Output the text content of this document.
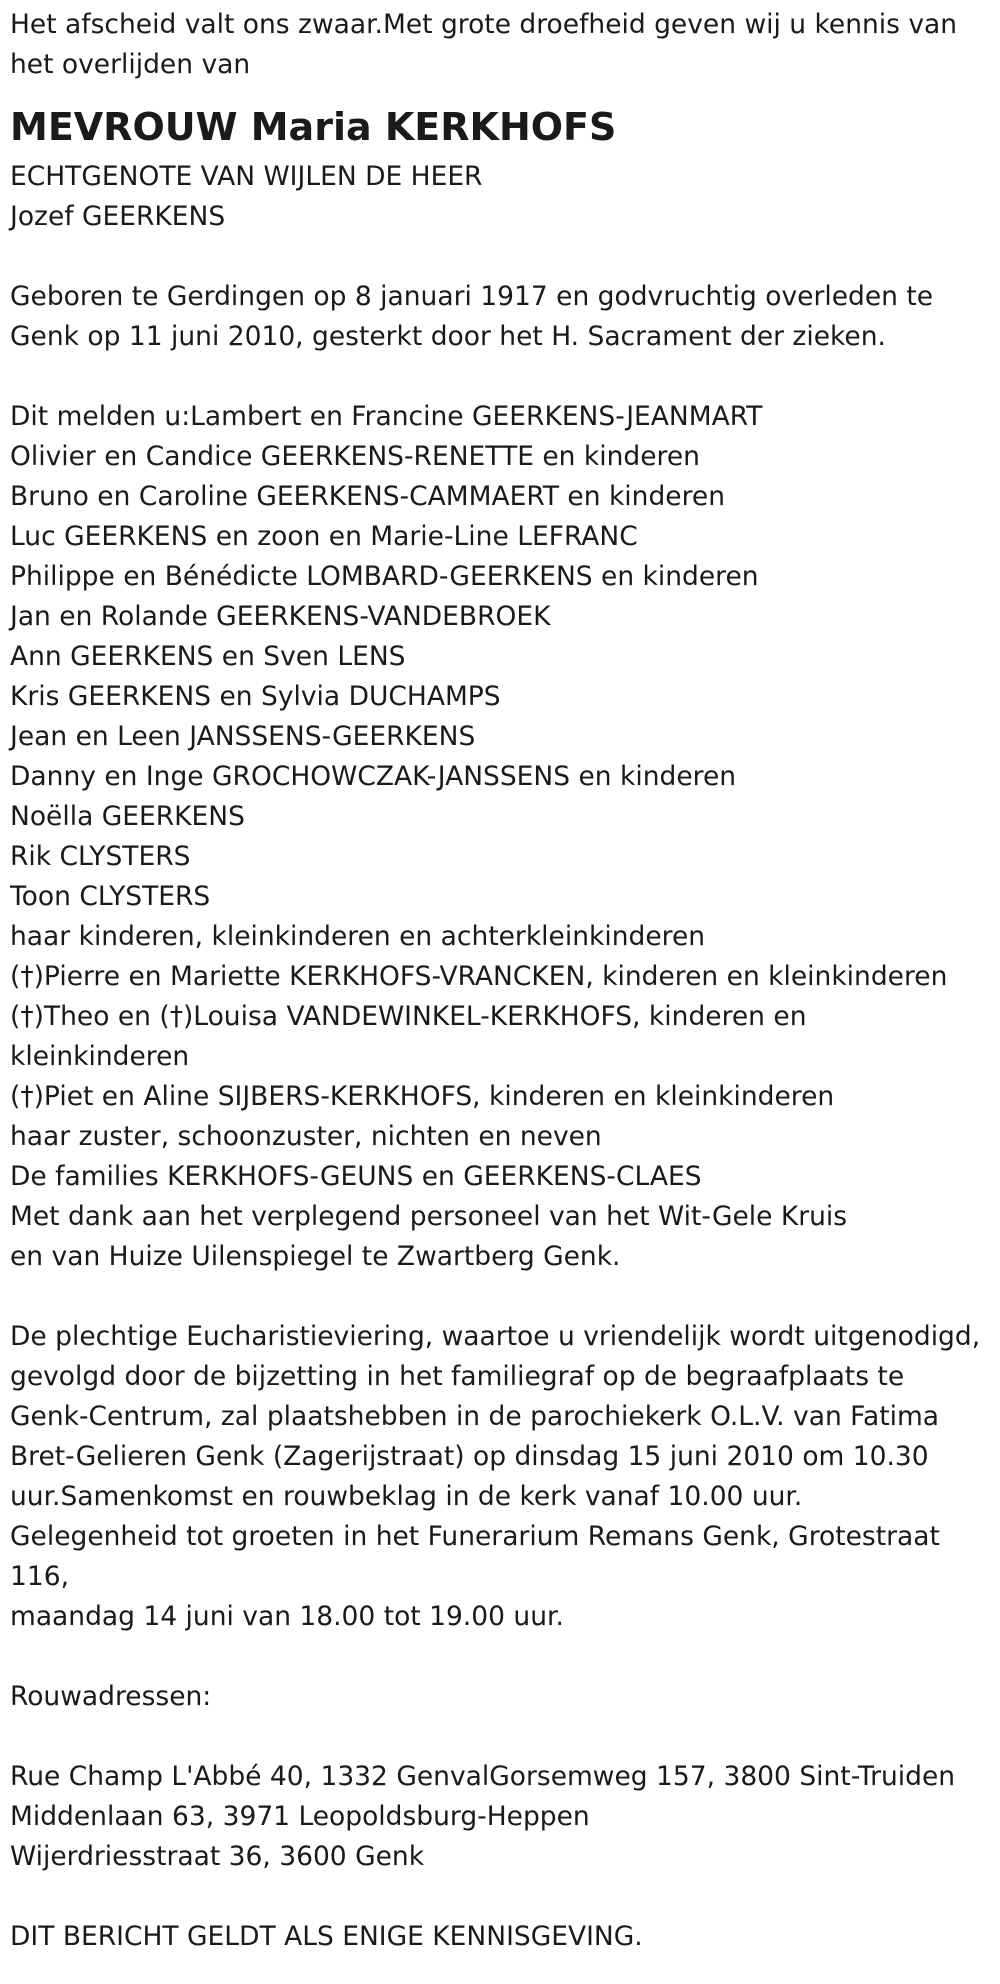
Het afscheid valt ons zwaar.Met grote droefheid geven wij u kennis van
het overlijden van
MEVROUW Maria KERKHOFS
ECHTGENOTE VAN WIJLEN DE HEER
Jozef GEERKENS
Geboren te Gerdingen op 8 januari 1917 en godvruchtig overleden te
Genk op 11 juni 2010, gesterkt door het H. Sacrament der zieken.
Dit melden u:Lambert en Francine GEERKENS-JEANMART
Olivier en Candice GEERKENS-RENETTE en kinderen
Bruno en Caroline GEERKENS-CAMMAERT en kinderen
Luc GEERKENS en zoon en Marie-Line LEFRANC
Philippe en Bénédicte LOMBARD-GEERKENS en kinderen
Jan en Rolande GEERKENS-VANDEBROEK
Ann GEERKENS en Sven LENS
Kris GEERKENS en Sylvia DUCHAMPS
Jean en Leen JANSSENS-GEERKENS
Danny en Inge GROCHOWCZAK-JANSSENS en kinderen
Noëlla GEERKENS
Rik CLYSTERS
Toon CLYSTERS
haar kinderen, kleinkinderen en achterkleinkinderen
(†)Pierre en Mariette KERKHOFS-VRANCKEN, kinderen en kleinkinderen
(†)Theo en (†)Louisa VANDEWINKEL-KERKHOFS, kinderen en
kleinkinderen
(†)Piet en Aline SIJBERS-KERKHOFS, kinderen en kleinkinderen
haar zuster, schoonzuster, nichten en neven
De families KERKHOFS-GEUNS en GEERKENS-CLAES
Met dank aan het verplegend personeel van het Wit-Gele Kruis
en van Huize Uilenspiegel te Zwartberg Genk.
De plechtige Eucharistieviering, waartoe u vriendelijk wordt uitgenodigd,
gevolgd door de bijzetting in het familiegraf op de begraafplaats te
Genk-Centrum, zal plaatshebben in de parochiekerk O.L.V. van Fatima
Bret-Gelieren Genk (Zagerijstraat) op dinsdag 15 juni 2010 om 10.30
uur.Samenkomst en rouwbeklag in de kerk vanaf 10.00 uur.
Gelegenheid tot groeten in het Funerarium Remans Genk, Grotestraat
116,
maandag 14 juni van 18.00 tot 19.00 uur.
Rouwadressen:
Rue Champ L'Abbé 40, 1332 GenvalGorsemweg 157, 3800 Sint-Truiden
Middenlaan 63, 3971 Leopoldsburg-Heppen
Wijerdriesstraat 36, 3600 Genk
DIT BERICHT GELDT ALS ENIGE KENNISGEVING.
